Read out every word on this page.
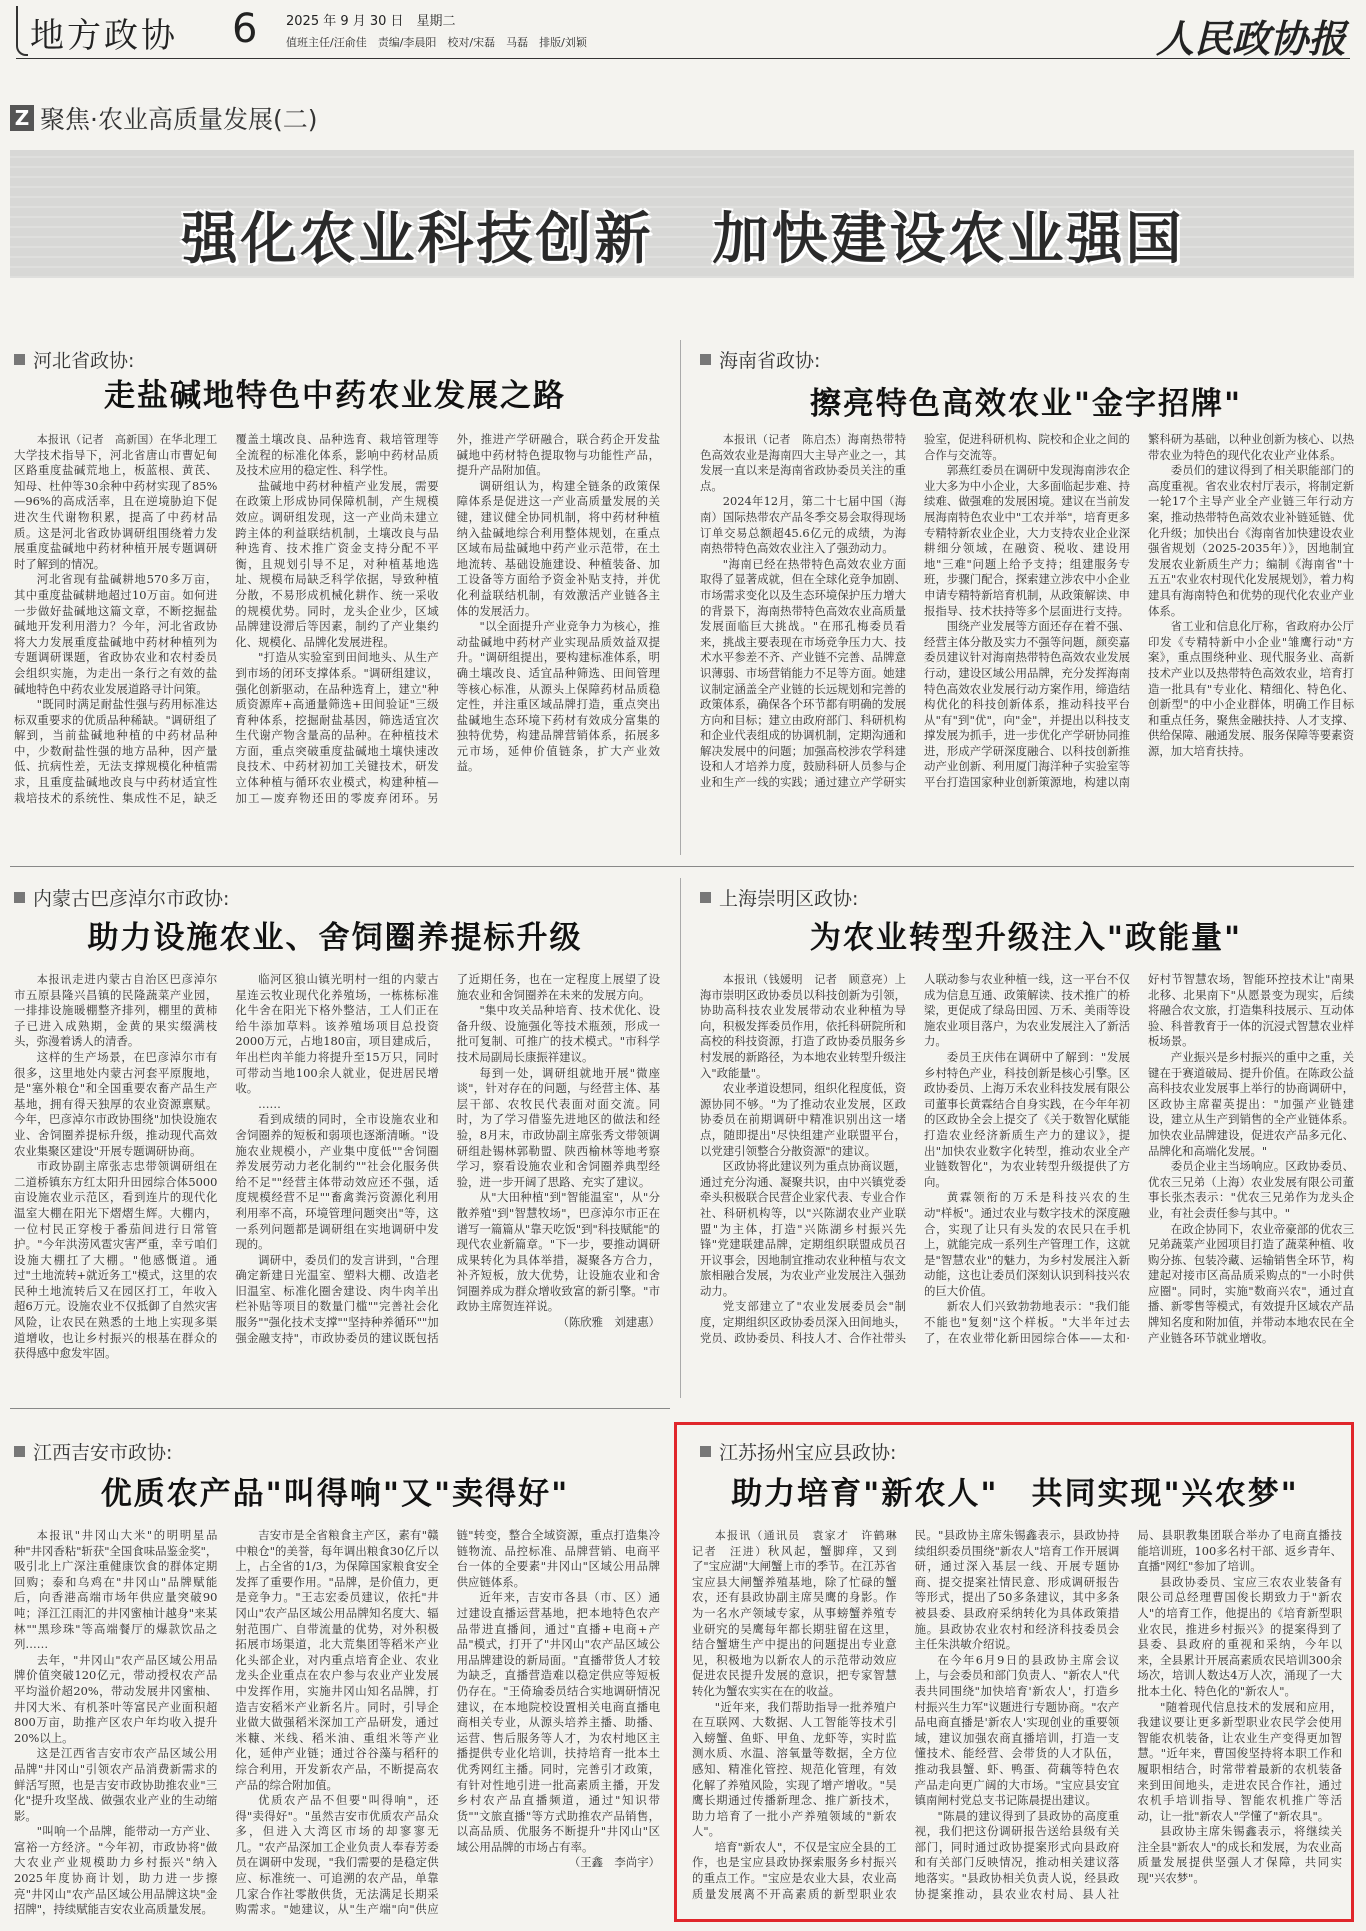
地方政协 6 2025 年 9 月 30 日　星期二
值班主任/汪俞佳　责编/李晨阳　校对/宋磊　马磊　排版/刘颖	人民政协报
Z 聚焦·农业高质量发展(二)
强化农业科技创新　加快建设农业强国
河北省政协:
走盐碱地特色中药农业发展之路

本报讯（记者　高新国）在华北理工大学技术指导下，河北省唐山市曹妃甸区路重度盐碱荒地上，板蓝根、黄芪、知母、杜仲等30余种中药材实现了85%—96%的高成活率，且在逆境胁迫下促进次生代谢物积累，提高了中药材品质。这是河北省政协调研组围绕着力发展重度盐碱地中药材种植开展专题调研时了解到的情况。

河北省现有盐碱耕地570多万亩，其中重度盐碱耕地超过10万亩。如何进一步做好盐碱地这篇文章，不断挖掘盐碱地开发利用潜力？今年，河北省政协将大力发展重度盐碱地中药材种植列为专题调研课题，省政协农业和农村委员会组织实施，为走出一条行之有效的盐碱地特色中药农业发展道路寻计问策。

"既同时满足耐盐性强与药用标准达标双重要求的优质品种稀缺。"调研组了解到，当前盐碱地种植的中药材品种中，少数耐盐性强的地方品种，因产量低、抗病性差，无法支撑规模化种植需求，且重度盐碱地改良与中药材适宜性栽培技术的系统性、集成性不足，缺乏覆盖土壤改良、品种选育、栽培管理等全流程的标准化体系，影响中药材品质及技术应用的稳定性、科学性。

盐碱地中药材种植产业发展，需要在政策上形成协同保障机制，产生规模效应。调研组发现，这一产业尚未建立跨主体的利益联结机制，土壤改良与品种选育、技术推广资金支持分配不平衡，且规划引导不足，对种植基地选址、规模布局缺乏科学依据，导致种植分散，不易形成机械化耕作、统一采收的规模优势。同时，龙头企业少，区域品牌建设滞后等因素，制约了产业集约化、规模化、品牌化发展进程。

"打造从实验室到田间地头、从生产到市场的闭环支撑体系。"调研组建议，强化创新驱动，在品种选育上，建立"种质资源库+高通量筛选+田间验证"三级育种体系，挖掘耐盐基因，筛选适宜次生代谢产物含量高的品种。在种植技术方面，重点突破重度盐碱地土壤快速改良技术、中药材初加工关键技术，研发立体种植与循环农业模式，构建种植—加工—废弃物还田的零废弃闭环。另外，推进产学研融合，联合药企开发盐碱地中药材特色提取物与功能性产品，提升产品附加值。

调研组认为，构建全链条的政策保障体系是促进这一产业高质量发展的关键，建议健全协同机制，将中药材种植纳入盐碱地综合利用整体规划，在重点区域布局盐碱地中药产业示范带，在土地流转、基础设施建设、种植装备、加工设备等方面给予资金补贴支持，并优化利益联结机制，有效激活产业链各主体的发展活力。

"以全面提升产业竞争力为核心，推动盐碱地中药材产业实现品质效益双提升。"调研组提出，要构建标准体系，明确土壤改良、适宜品种筛选、田间管理等核心标准，从源头上保障药材品质稳定性，并注重区域品牌打造，重点突出盐碱地生态环境下药材有效成分富集的独特优势，构建品牌营销体系，拓展多元市场，延伸价值链条，扩大产业效益。

海南省政协:
擦亮特色高效农业"金字招牌"

本报讯（记者　陈启杰）海南热带特色高效农业是海南四大主导产业之一，其发展一直以来是海南省政协委员关注的重点。

2024年12月，第二十七届中国（海南）国际热带农产品冬季交易会取得现场订单交易总额超45.6亿元的成绩，为海南热带特色高效农业注入了强劲动力。

"海南已经在热带特色高效农业方面取得了显著成就，但在全球化竞争加剧、市场需求变化以及生态环境保护压力增大的背景下，海南热带特色高效农业高质量发展面临巨大挑战。"在邢孔梅委员看来，挑战主要表现在市场竞争压力大、技术水平参差不齐、产业链不完善、品牌意识薄弱、市场营销能力不足等方面。她建议制定涵盖全产业链的长远规划和完善的政策体系，确保各个环节都有明确的发展方向和目标；建立由政府部门、科研机构和企业代表组成的协调机制，定期沟通和解决发展中的问题；加强高校涉农学科建设和人才培养力度，鼓励科研人员参与企业和生产一线的实践；通过建立产学研实验室，促进科研机构、院校和企业之间的合作与交流等。

郭燕红委员在调研中发现海南涉农企业大多为中小企业，大多面临起步难、持续难、做强难的发展困境。建议在当前发展海南特色农业中"工农并举"，培育更多专精特新农业企业，大力支持农业企业深耕细分领域，在融资、税收、建设用地"三难"问题上给予支持；组建服务专班，步骤门配合，探索建立涉农中小企业申请专精特新培育机制，从政策解读、申报指导、技术扶持等多个层面进行支持。

围绕产业发展等方面还存在着不强、经营主体分散及实力不强等问题，颜奕嘉委员建议针对海南热带特色高效农业发展行动，建设区域公用品牌，充分发挥海南特色高效农业发展行动方案作用，缔造结构优化的科技创新体系，推动科技平台从"有"到"优"，向"金"，并提出以科技支撑发展为抓手，进一步优化产学研协同推进，形成产学研深度融合、以科技创新推动产业创新、利用厦门海洋种子实验室等平台打造国家种业创新策源地，构建以南繁科研为基础，以种业创新为核心、以热带农业为特色的现代化农业产业体系。

委员们的建议得到了相关职能部门的高度重视。省农业农村厅表示，将制定新一轮17个主导产业全产业链三年行动方案，推动热带特色高效农业补链延链、优化升级；加快出台《海南省加快建设农业强省规划（2025-2035年）》，因地制宜发展农业新质生产力；编制《海南省"十五五"农业农村现代化发展规划》，着力构建具有海南特色和优势的现代化农业产业体系。

省工业和信息化厅称，省政府办公厅印发《专精特新中小企业"雏鹰行动"方案》，重点围绕种业、现代服务业、高新技术产业以及热带特色高效农业，培育打造一批具有"专业化、精细化、特色化、创新型"的中小企业群体，明确工作目标和重点任务，聚焦金融扶持、人才支撑、供给保障、融通发展、服务保障等要素资源，加大培育扶持。

内蒙古巴彦淖尔市政协:
助力设施农业、舍饲圈养提标升级

本报讯走进内蒙古自治区巴彦淖尔市五原县隆兴昌镇的民隆蔬菜产业园，一排排设施暖棚整齐排列，棚里的黄柿子已进入成熟期，金黄的果实缀满枝头，弥漫着诱人的清香。

这样的生产场景，在巴彦淖尔市有很多，这里地处内蒙古河套平原腹地，是"塞外粮仓"和全国重要农畜产品生产基地，拥有得天独厚的农业资源禀赋。今年，巴彦淖尔市政协围绕"加快设施农业、舍饲圈养提标升级，推动现代高效农业集聚区建设"开展专题调研协商。

市政协副主席张志忠带领调研组在二道桥镇东方红太阳升田园综合体5000亩设施农业示范区，看到连片的现代化温室大棚在阳光下熠熠生辉。大棚内，一位村民正穿梭于番茄间进行日常管护。"今年洪涝风雹灾害严重，幸亏咱们设施大棚扛了大棚。"他感慨道。通过"土地流转+就近务工"模式，这里的农民种土地流转后又在园区打工，年收入超6万元。设施农业不仅抵御了自然灾害风险，让农民在熟悉的土地上实现多渠道增收，也让乡村振兴的根基在群众的获得感中愈发牢固。

临河区狼山镇光明村一组的内蒙古星连云牧业现代化养殖场，一栋栋标准化牛舍在阳光下格外整洁，工人们正在给牛添加草料。该养殖场项目总投资2000万元，占地180亩，项目建成后，年出栏肉羊能力将提升至15万只，同时可带动当地100余人就业，促进居民增收。

……

看到成绩的同时，全市设施农业和舍饲圈养的短板和弱项也逐渐清晰。"设施农业规模小，产业集中度低""舍饲圈养发展劳动力老化制约""社会化服务供给不足""经营主体带动效应还不强，适度规模经营不足""畜禽粪污资源化利用利用率不高，环境管理问题突出"等，这一系列问题都是调研组在实地调研中发现的。

调研中，委员们的发言讲到，"合理确定新建日光温室、塑料大棚、改造老旧温室、标准化圈舍建设、肉牛肉羊出栏补贴等项目的数量门槛""完善社会化服务""强化技术支撑""坚持种养循环""加强金融支持"，市政协委员的建议既包括了近期任务，也在一定程度上展望了设施农业和舍饲圈养在未来的发展方向。

"集中攻关品种培育、技术优化、设备升级、设施强化等技术瓶颈，形成一批可复制、可推广的技术模式。"市科学技术局副局长康振祥建议。

每到一处，调研组就地开展"微座谈"，针对存在的问题，与经营主体、基层干部、农牧民代表面对面交流。同时，为了学习借鉴先进地区的做法和经验，8月末，市政协副主席张秀文带领调研组赴锡林郭勒盟、陕西榆林等地考察学习，察看设施农业和舍饲圈养典型经验，进一步开阔了思路、充实了建议。

从"大田种植"到"智能温室"，从"分散养殖"到"智慧牧场"，巴彦淖尔市正在谱写一篇篇从"靠天吃饭"到"科技赋能"的现代农业新篇章。"下一步，要推动调研成果转化为具体举措，凝聚各方合力，补齐短板，放大优势，让设施农业和舍饲圈养成为群众增收致富的新引擎。"市政协主席贺连祥说。

（陈欣雅　刘建惠）

上海崇明区政协:
为农业转型升级注入"政能量"

本报讯（钱媛明　记者　顾意亮）上海市崇明区政协委员以科技创新为引领，协助高科技农业发展带动农业种植为导向，积极发挥委员作用，依托科研院所和高校的科技资源，打造了政协委员服务乡村发展的新路径，为本地农业转型升级注入"政能量"。

农业孝道设想同，组织化程度低，资源协同不够。"为了推动农业发展，区政协委员在前期调研中精准识别出这一堵点，随即提出"尽快组建产业联盟平台，以党建引领整合分散资源"的建议。

区政协将此建议列为重点协商议题，通过充分沟通、凝聚共识，由中兴镇党委牵头积极联合民营企业家代表、专业合作社、科研机构等，以"兴陈湖农业产业联盟"为主体，打造"兴陈湖乡村振兴先锋"党建联建品牌，定期组织联盟成员召开议事会，因地制宜推动农业种植与农文旅相融合发展，为农业产业发展注入强劲动力。

党支部建立了"农业发展委员会"制度，定期组织区政协委员深入田间地头，党员、政协委员、科技人才、合作社带头人联动参与农业种植一线，这一平台不仅成为信息互通、政策解读、技术推广的桥梁，更促成了绿岛田园、万禾、美雨等设施农业项目落户，为农业发展注入了新活力。

委员王庆伟在调研中了解到："发展乡村特色产业，科技创新是核心引擎。区政协委员、上海万禾农业科技发展有限公司董事长黄霖结合自身实践，在今年年初的区政协全会上提交了《关于数智化赋能打造农业经济新质生产力的建议》，提出"加快农业数字化转型，推动农业全产业链数智化"，为农业转型升级提供了方向。

黄霖领衔的万禾是科技兴农的生动"样板"。通过农业与数字技术的深度融合，实现了让只有头发的农民只在手机上，就能完成一系列生产管理工作，这就是"智慧农业"的魅力，为乡村发展注入新动能，这也让委员们深刻认识到科技兴农的巨大价值。

新农人们兴致勃勃地表示："我们能不能也"复刻"这个样板。"大半年过去了，在农业带化新田园综合体——太和·好村节智慧农场，智能环控技术让"南果北移、北果南下"从愿景变为现实，后续将融合农文旅，打造集科技展示、互动体验、科普教育于一体的沉浸式智慧农业样板场景。

产业振兴是乡村振兴的重中之重，关键在于赛道破局、提升价值。在陈政公益高科技农业发展事上举行的协商调研中，区政协主席翟英提出："加强产业链建设，建立从生产到销售的全产业链体系。加快农业品牌建设，促进农产品多元化、品牌化和高端化发展。"

委员企业主当场响应。区政协委员、优农三兄弟（上海）农业发展有限公司董事长张杰表示："优农三兄弟作为龙头企业，有社会责任参与其中。"

在政企协同下，农业帝豪部的优农三兄弟蔬菜产业园项目打造了蔬菜种植、收购分拣、包装冷藏、运输销售全环节，构建起对接市区高品质采购点的"一小时供应圈"。同时，实施"数商兴农"，通过直播、新零售等模式，有效提升区域农产品牌知名度和附加值，并带动本地农民在全产业链各环节就业增收。

江西吉安市政协:
优质农产品"叫得响"又"卖得好"

本报讯"井冈山大米"的明明星品种"井冈香粘"斩获"全国食味品鉴金奖"，吸引北上广深注重健康饮食的群体定期回购；泰和乌鸡在"井冈山"品牌赋能后，向香港高端市场年供应量突破90吨；泽江江雨汇的井冈蜜柚计越身"来某林""黑珍珠"等高端餐厅的爆款饮品之列……

去年，"井冈山"农产品区域公用品牌价值突破120亿元，带动授权农产品平均溢价超20%，带动发展井冈蜜柚、井冈大米、有机茶叶等富民产业面积超800万亩，助推产区农户年均收入提升20%以上。

这是江西省吉安市农产品区域公用品牌"井冈山"引领农产品消费新需求的鲜活写照，也是吉安市政协助推农业"三化"提升攻坚战、做强农业产业的生动缩影。

"叫响一个品牌，能带动一方产业、富裕一方经济。"今年初，市政协将"做大农业产业规模助力乡村振兴"纳入2025年度协商计划，助力进一步擦亮"井冈山"农产品区域公用品牌这块"金招牌"，持续赋能吉安农业高质量发展。

吉安市是全省粮食主产区，素有"赣中粮仓"的美誉，每年调出粮食30亿斤以上，占全省的1/3，为保障国家粮食安全发挥了重要作用。"品牌，是价值力，更是竞争力。"王志宏委员建议，依托"井冈山"农产品区域公用品牌知名度大、辐射范围广、自带流量的优势，对外积极拓展市场渠道，北大荒集团等稻米产业化头部企业，对内重点培育企业、农业龙头企业重点在农户参与农业产业发展中发挥作用，实施井冈山知名品牌，打造吉安稻米产业新名片。同时，引导企业做大做强稻米深加工产品研发，通过米糠、米线、稻米油、重组米等产业化，延伸产业链；通过谷谷藻与稻秆的综合利用，开发新农产品，不断提高农产品的综合附加值。

优质农产品不但要"叫得响"，还得"卖得好"。"虽然吉安市优质农产品众多，但进入大湾区市场的却寥寥无几。"农产品深加工企业负责人奉春芳委员在调研中发现，"我们需要的是稳定供应、标准统一、可追溯的农产品，单靠几家合作社零散供货，无法满足长期采购需求。"她建议，从"生产端"向"供应链"转变，整合全域资源，重点打造集冷链物流、品控标准、品牌营销、电商平台一体的全要素"井冈山"区域公用品牌供应链体系。

近年来，吉安市各县（市、区）通过建设直播运营基地，把本地特色农产品带进直播间，通过"直播+电商+产品"模式，打开了"井冈山"农产品区域公用品牌建设的新局面。"直播带货人才较为缺乏，直播营造难以稳定供应等短板仍存在。"王倚瑜委员结合实地调研情况建议，在本地院校设置相关电商直播电商相关专业，从源头培养主播、助播、运营、售后服务等人才，为农村地区主播提供专业化培训，扶持培育一批本土优秀网红主播。同时，完善引才政策，有针对性地引进一批高素质主播，开发乡村农产品直播频道，通过"知识带货""文旅直播"等方式助推农产品销售，以高品质、优服务不断提升"井冈山"区域公用品牌的市场占有率。

（王鑫　李尚宇）

江苏扬州宝应县政协:
助力培育"新农人"　共同实现"兴农梦"

本报讯（通讯员　袁家才　许鹤琳　记者　汪进）秋风起，蟹脚痒，又到了"宝应湖"大闸蟹上市的季节。在江苏省宝应县大闸蟹养殖基地，除了忙碌的蟹农，还有县政协副主席吴鹰的身影。作为一名水产领域专家，从事螃蟹养殖专业研究的吴鹰每年都长期驻留在这里，结合蟹塘生产中提出的问题提出专业意见，积极地为以新农人的示范带动效应促进农民提升发展的意识，把专家智慧转化为蟹农实实在在的收益。

"近年来，我们帮助指导一批养殖户在互联网、大数据、人工智能等技术引入螃蟹、鱼虾、甲鱼、龙虾等，实时监测水质、水温、溶氧量等数据，全方位感知、精准化管控、规范化管理，有效化解了养殖风险，实现了增产增收。"吴鹰长期通过传播新理念、推广新技术，助力培育了一批小产养殖领域的"新农人"。

培育"新农人"，不仅是宝应全县的工作，也是宝应县政协探索服务乡村振兴的重点工作。"宝应是农业大县，农业高质量发展离不开高素质的新型职业农民。"县政协主席朱锡鑫表示，县政协持续组织委员围绕"新农人"培育工作开展调研，通过深入基层一线、开展专题协商、提交提案社情民意、形成调研报告等形式，提出了50多条建议，其中多条被县委、县政府采纳转化为具体政策措施。县政协农业农村和经济科技委员会主任朱洪敏介绍说。

在今年6月9日的县政协主席会议上，与会委员和部门负责人、"新农人"代表共同围绕"加快培育'新农人'，打造乡村振兴生力军"议题进行专题协商。"农产品电商直播是'新农人'实现创业的重要领域，建议加强农商直播培训，打造一支懂技术、能经营、会带货的人才队伍，推动我县蟹、虾、鸭蛋、荷藕等特色农产品走向更广阔的大市场。"宝应县安宜镇南闸村党总支书记陈晨提出建议。

"陈晨的建议得到了县政协的高度重视，我们把这份调研报告送给县级有关部门，同时通过政协提案形式向县政府和有关部门反映情况，推动相关建议落地落实。"县政协相关负责人说，经县政协提案推动，县农业农村局、县人社局、县职教集团联合举办了电商直播技能培训班，100多名村干部、返乡青年、直播"网红"参加了培训。

县政协委员、宝应三农农业装备有限公司总经理曹国俊长期致力于"新农人"的培育工作，他提出的《培育新型职业农民，推进乡村振兴》的提案得到了县委、县政府的重视和采纳，今年以来，全县累计开展高素质农民培训300余场次，培训人数达4万人次，涌现了一大批本土化、特色化的"新农人"。

"随着现代信息技术的发展和应用，我建议要让更多新型职业农民学会使用智能农机装备，让农业生产变得更加智慧。"近年来，曹国俊坚持将本职工作和履职相结合，时常带着最新的农机装备来到田间地头，走进农民合作社，通过农机手培训指导、智能农机推广等活动，让一批"新农人"学懂了"新农具"。

县政协主席朱锡鑫表示，将继续关注全县"新农人"的成长和发展，为农业高质量发展提供坚强人才保障，共同实现"兴农梦"。
